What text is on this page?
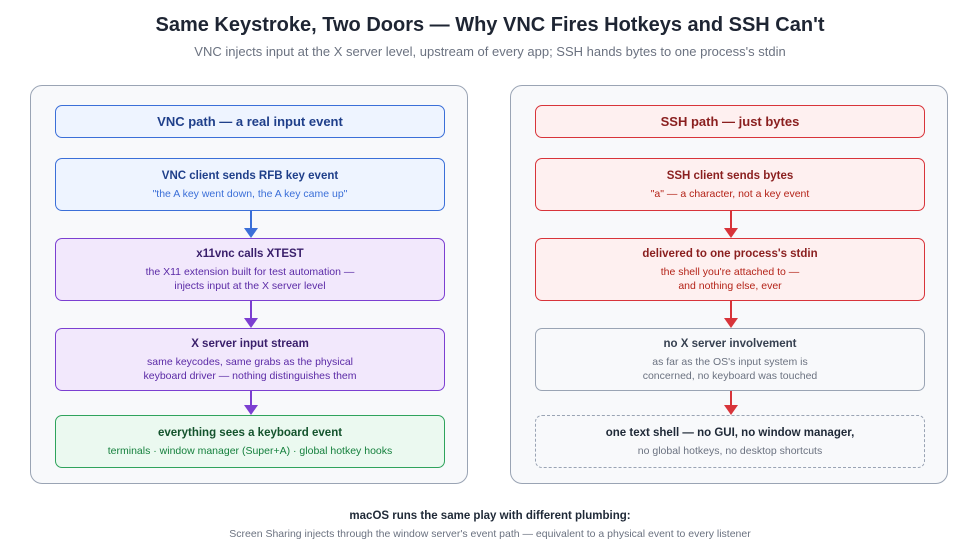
Same Keystroke, Two Doors — Why VNC Fires Hotkeys and SSH Can't
VNC injects input at the X server level, upstream of every app; SSH hands bytes to one process's stdin
VNC path — a real input event
VNC client sends RFB key event
"the A key went down, the A key came up"
x11vnc calls XTEST
the X11 extension built for test automation —
injects input at the X server level
X server input stream
same keycodes, same grabs as the physical
keyboard driver — nothing distinguishes them
everything sees a keyboard event
terminals · window manager (Super+A) · global hotkey hooks
SSH path — just bytes
SSH client sends bytes
"a" — a character, not a key event
delivered to one process's stdin
the shell you're attached to —
and nothing else, ever
no X server involvement
as far as the OS's input system is
concerned, no keyboard was touched
one text shell — no GUI, no window manager,
no global hotkeys, no desktop shortcuts
macOS runs the same play with different plumbing:
Screen Sharing injects through the window server's event path — equivalent to a physical event to every listener
